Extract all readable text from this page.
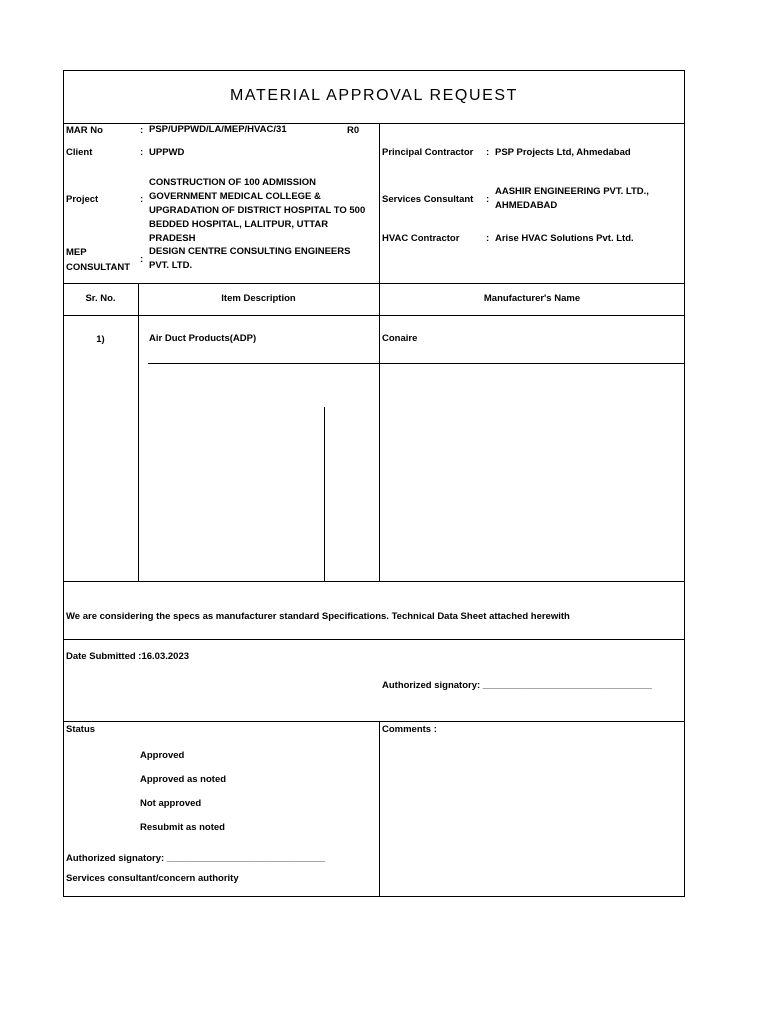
MATERIAL APPROVAL REQUEST
MAR No	: PSP/UPPWD/LA/MEP/HVAC/31	R0
Client	: UPPWD
Project	:
CONSTRUCTION OF 100 ADMISSION GOVERNMENT MEDICAL COLLEGE & UPGRADATION OF DISTRICT HOSPITAL TO 500 BEDDED HOSPITAL, LALITPUR, UTTAR PRADESH
MEP
CONSULTANT
:
DESIGN CENTRE CONSULTING ENGINEERS PVT. LTD.
Principal Contractor : PSP Projects Ltd, Ahmedabad
Services Consultant :
AASHIR ENGINEERING PVT. LTD., AHMEDABAD
HVAC Contractor	: Arise HVAC Solutions Pvt. Ltd.
Sr. No.	Item Description	Manufacturer's Name
1)	Air Duct Products(ADP)	Conaire
We are considering the specs as manufacturer standard Specifications. Technical Data Sheet attached herewith
Date Submitted :16.03.2023
Authorized signatory: ________________________________
Status
Approved
Approved as noted
Not approved
Resubmit as noted
Authorized signatory: ______________________________
Services consultant/concern authority
Comments :
